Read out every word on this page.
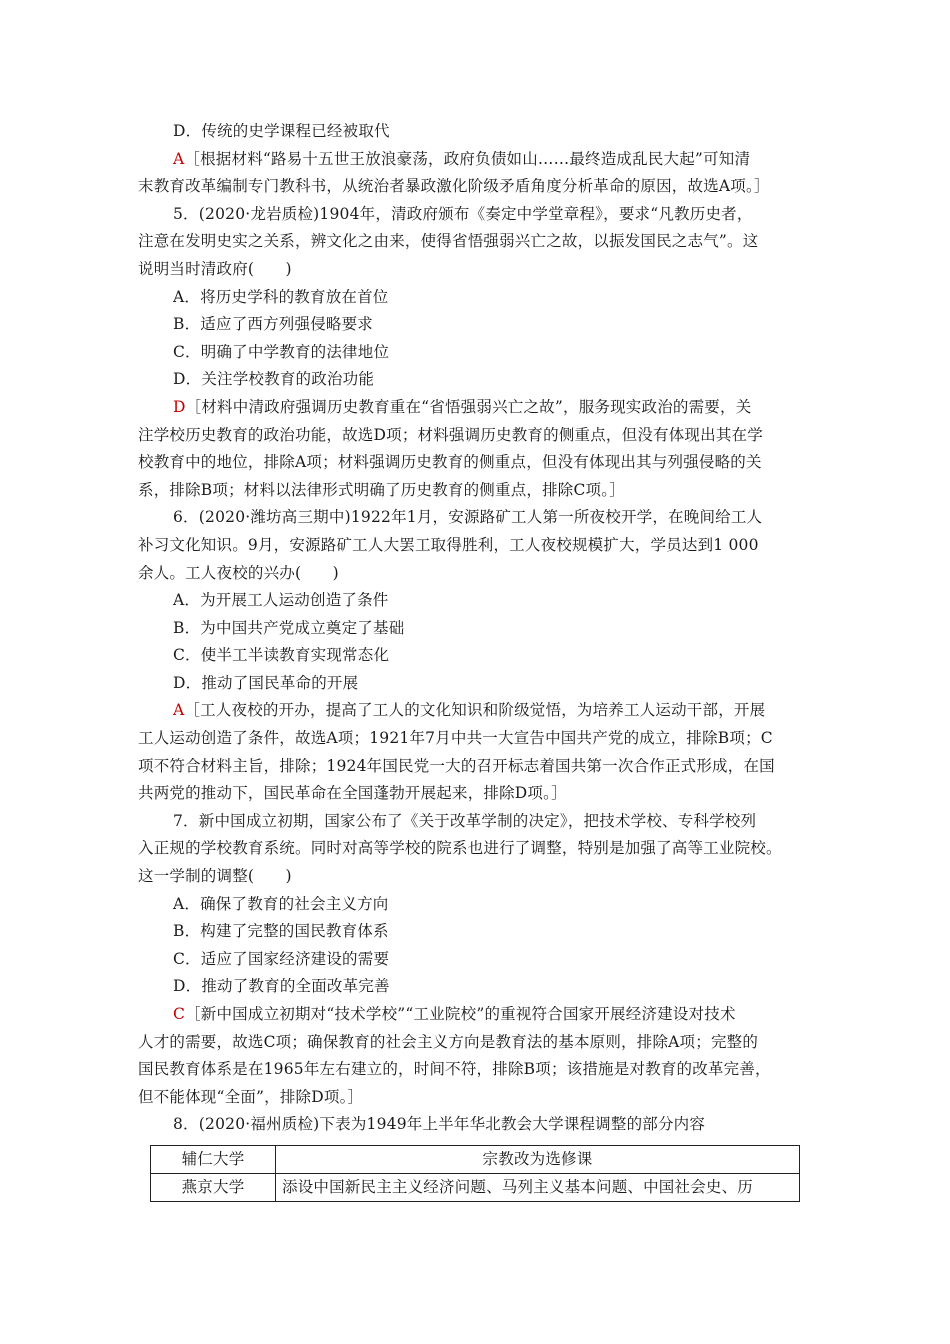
D．传统的史学课程已经被取代
A［根据材料“路易十五世王放浪豪荡，政府负债如山……最终造成乱民大起”可知清
末教育改革编制专门教科书，从统治者暴政激化阶级矛盾角度分析革命的原因，故选A项。］
5．(2020·龙岩质检)1904年，清政府颁布《奏定中学堂章程》，要求“凡教历史者，
注意在发明史实之关系，辨文化之由来，使得省悟强弱兴亡之故，以振发国民之志气”。这
说明当时清政府(　　)
A．将历史学科的教育放在首位
B．适应了西方列强侵略要求
C．明确了中学教育的法律地位
D．关注学校教育的政治功能
D［材料中清政府强调历史教育重在“省悟强弱兴亡之故”，服务现实政治的需要，关
注学校历史教育的政治功能，故选D项；材料强调历史教育的侧重点，但没有体现出其在学
校教育中的地位，排除A项；材料强调历史教育的侧重点，但没有体现出其与列强侵略的关
系，排除B项；材料以法律形式明确了历史教育的侧重点，排除C项。］
6．(2020·潍坊高三期中)1922年1月，安源路矿工人第一所夜校开学，在晚间给工人
补习文化知识。9月，安源路矿工人大罢工取得胜利，工人夜校规模扩大，学员达到1 000
余人。工人夜校的兴办(　　)
A．为开展工人运动创造了条件
B．为中国共产党成立奠定了基础
C．使半工半读教育实现常态化
D．推动了国民革命的开展
A［工人夜校的开办，提高了工人的文化知识和阶级觉悟，为培养工人运动干部，开展
工人运动创造了条件，故选A项；1921年7月中共一大宣告中国共产党的成立，排除B项；C
项不符合材料主旨，排除；1924年国民党一大的召开标志着国共第一次合作正式形成，在国
共两党的推动下，国民革命在全国蓬勃开展起来，排除D项。］
7．新中国成立初期，国家公布了《关于改革学制的决定》，把技术学校、专科学校列
入正规的学校教育系统。同时对高等学校的院系也进行了调整，特别是加强了高等工业院校。
这一学制的调整(　　)
A．确保了教育的社会主义方向
B．构建了完整的国民教育体系
C．适应了国家经济建设的需要
D．推动了教育的全面改革完善
C［新中国成立初期对“技术学校”“工业院校”的重视符合国家开展经济建设对技术
人才的需要，故选C项；确保教育的社会主义方向是教育法的基本原则，排除A项；完整的
国民教育体系是在1965年左右建立的，时间不符，排除B项；该措施是对教育的改革完善，
但不能体现“全面”，排除D项。］
8．(2020·福州质检)下表为1949年上半年华北教会大学课程调整的部分内容
辅仁大学	宗教改为选修课
燕京大学	添设中国新民主主义经济问题、马列主义基本问题、中国社会史、历
